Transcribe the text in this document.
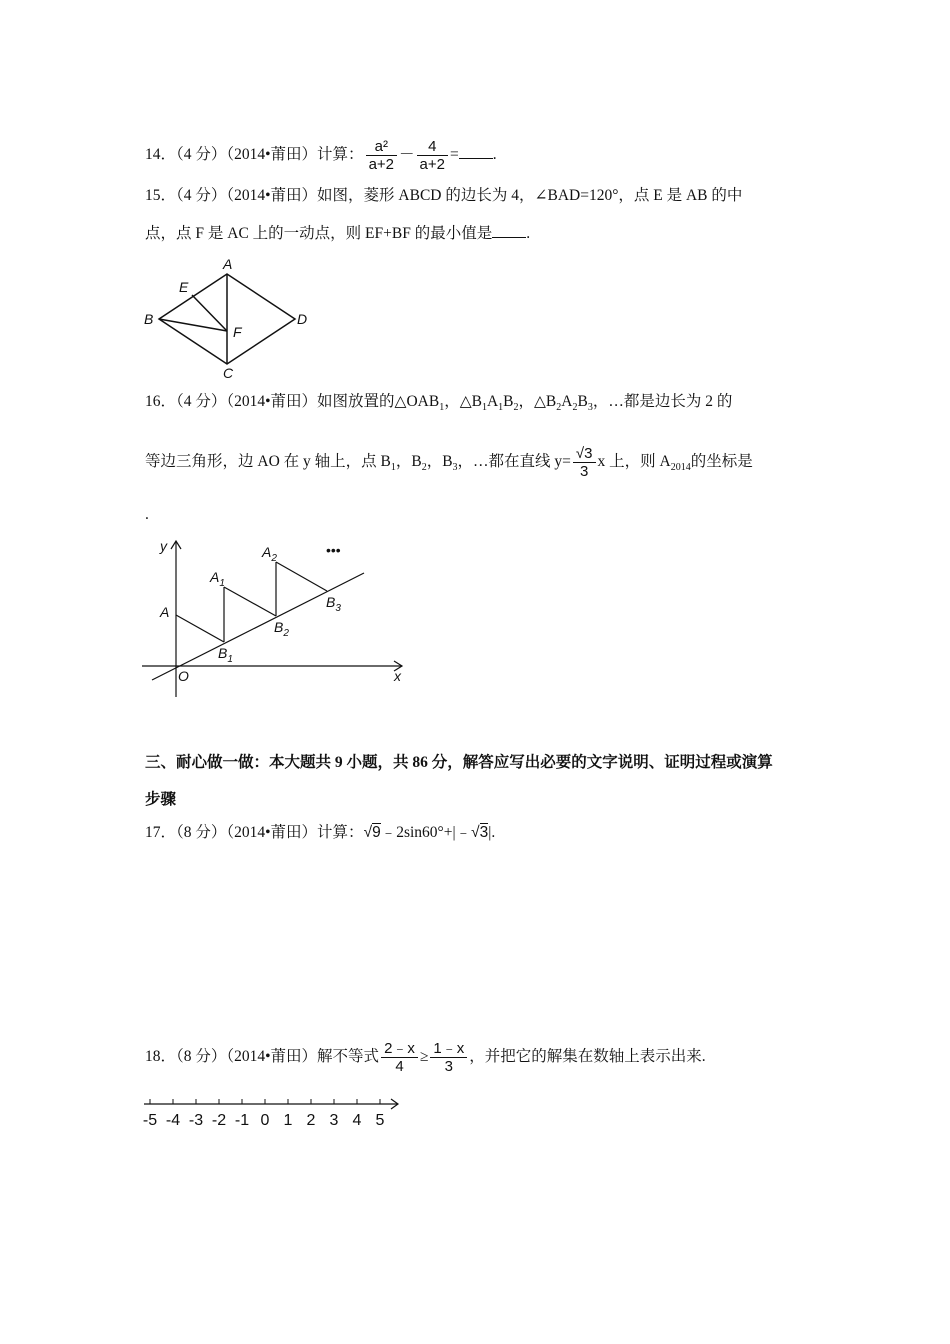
14．（4 分）（2014•莆田）计算： $\frac{\text{a²}}{a+2} - \frac{4}{a+2}$ = .
15．（4 分）（2014•莆田）如图，菱形 ABCD 的边长为 4，∠BAD=120°，点 E 是 AB 的中
点，点 F 是 AC 上的一动点，则 EF+BF 的最小值是 .
A
B
C
D
E
F
16．（4 分）（2014•莆田）如图放置的$\triangle OAB_1$，$\triangle B_1A_1B_2$，$\triangle B_2A_2B_3$，…都是边长为 2 的
等边三角形，边 AO 在 y 轴上，点 $B_1$，$B_2$，$B_3$，…都在直线 $y= \frac{√3}{3}$ x 上，则 $A_{2014}$的坐标是
.
y
x
O
A
$A_1$
$A_2$
$B_1$
$B_2$
$B_3$
•••
三、耐心做一做：本大题共 9 小题，共 86 分，解答应写出必要的文字说明、证明过程或演算
步骤
17．（8 分）（2014•莆田）计算：√9﹣2sin60°+|﹣√3|.
18．（8 分）（2014•莆田）解不等式 $\frac{2﹣x}{4} \ge \frac{1﹣x}{3}$ ，并把它的解集在数轴上表示出来.
-5 -4 -3 -2 -1 0 1 2 3 4 5
